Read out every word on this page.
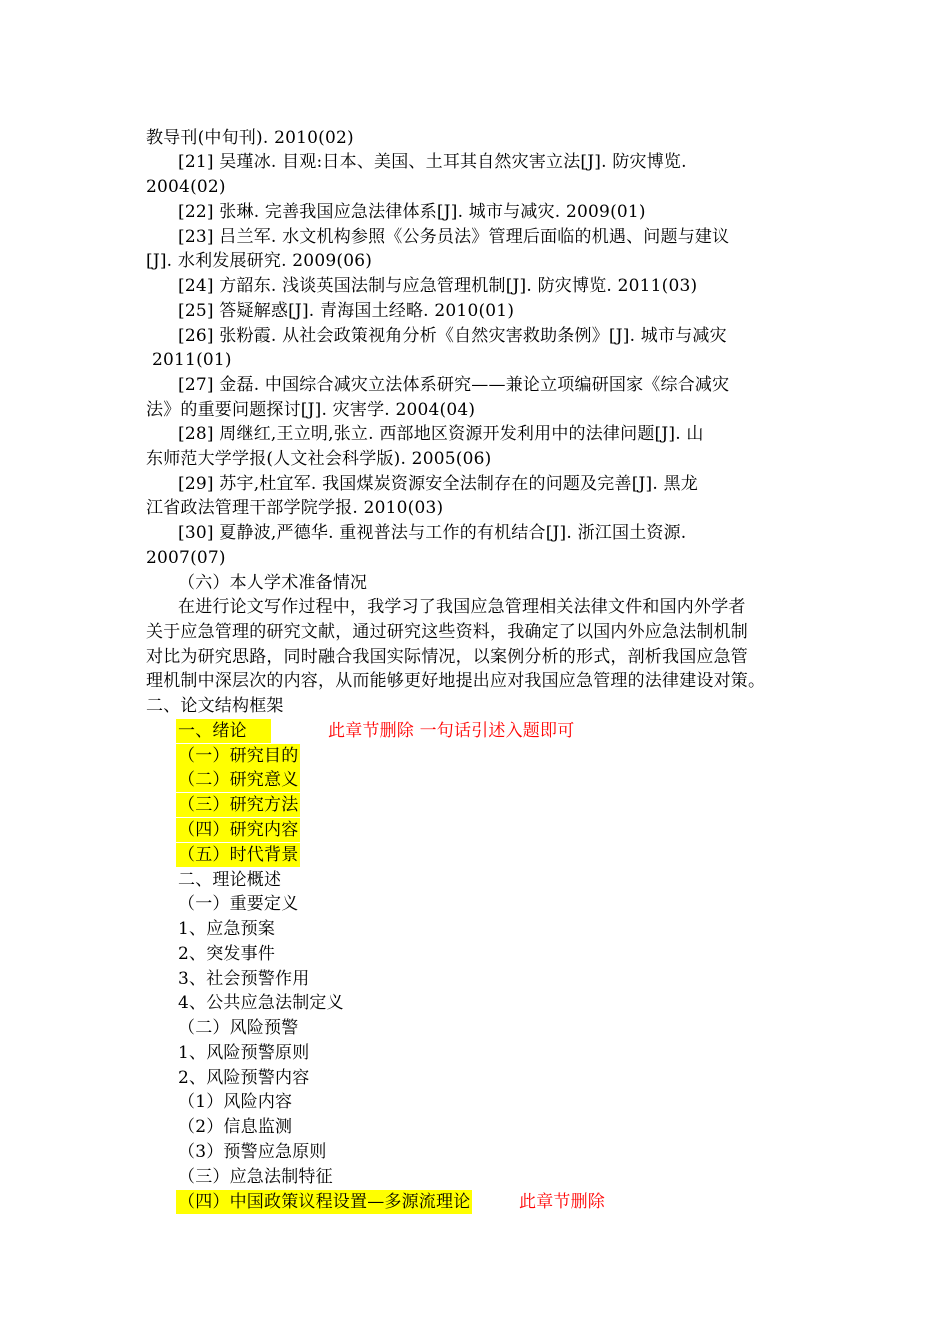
教导刊(中旬刊). 2010(02)
[21] 吴瑾冰. 目观:日本、美国、土耳其自然灾害立法[J]. 防灾博览.
2004(02)
[22] 张琳. 完善我国应急法律体系[J]. 城市与减灾. 2009(01)
[23] 吕兰军. 水文机构参照《公务员法》管理后面临的机遇、问题与建议
[J]. 水利发展研究. 2009(06)
[24] 方韶东. 浅谈英国法制与应急管理机制[J]. 防灾博览. 2011(03)
[25] 答疑解惑[J]. 青海国土经略. 2010(01)
[26] 张粉霞. 从社会政策视角分析《自然灾害救助条例》[J]. 城市与减灾
2011(01)
[27] 金磊. 中国综合减灾立法体系研究——兼论立项编研国家《综合减灾
法》的重要问题探讨[J]. 灾害学. 2004(04)
[28] 周继红,王立明,张立. 西部地区资源开发利用中的法律问题[J]. 山
东师范大学学报(人文社会科学版). 2005(06)
[29] 苏宇,杜宜军. 我国煤炭资源安全法制存在的问题及完善[J]. 黑龙
江省政法管理干部学院学报. 2010(03)
[30] 夏静波,严德华. 重视普法与工作的有机结合[J]. 浙江国土资源.
2007(07)
（六）本人学术准备情况
在进行论文写作过程中，我学习了我国应急管理相关法律文件和国内外学者
关于应急管理的研究文献，通过研究这些资料，我确定了以国内外应急法制机制
对比为研究思路，同时融合我国实际情况，以案例分析的形式，剖析我国应急管
理机制中深层次的内容，从而能够更好地提出应对我国应急管理的法律建设对策。
二、论文结构框架
一、绪论	此章节删除 一句话引述入题即可
（一）研究目的
（二）研究意义
（三）研究方法
（四）研究内容
（五）时代背景
二、理论概述
（一）重要定义
1、应急预案
2、突发事件
3、社会预警作用
4、公共应急法制定义
（二）风险预警
1、风险预警原则
2、风险预警内容
（1）风险内容
（2）信息监测
（3）预警应急原则
（三）应急法制特征
（四）中国政策议程设置—多源流理论	此章节删除
